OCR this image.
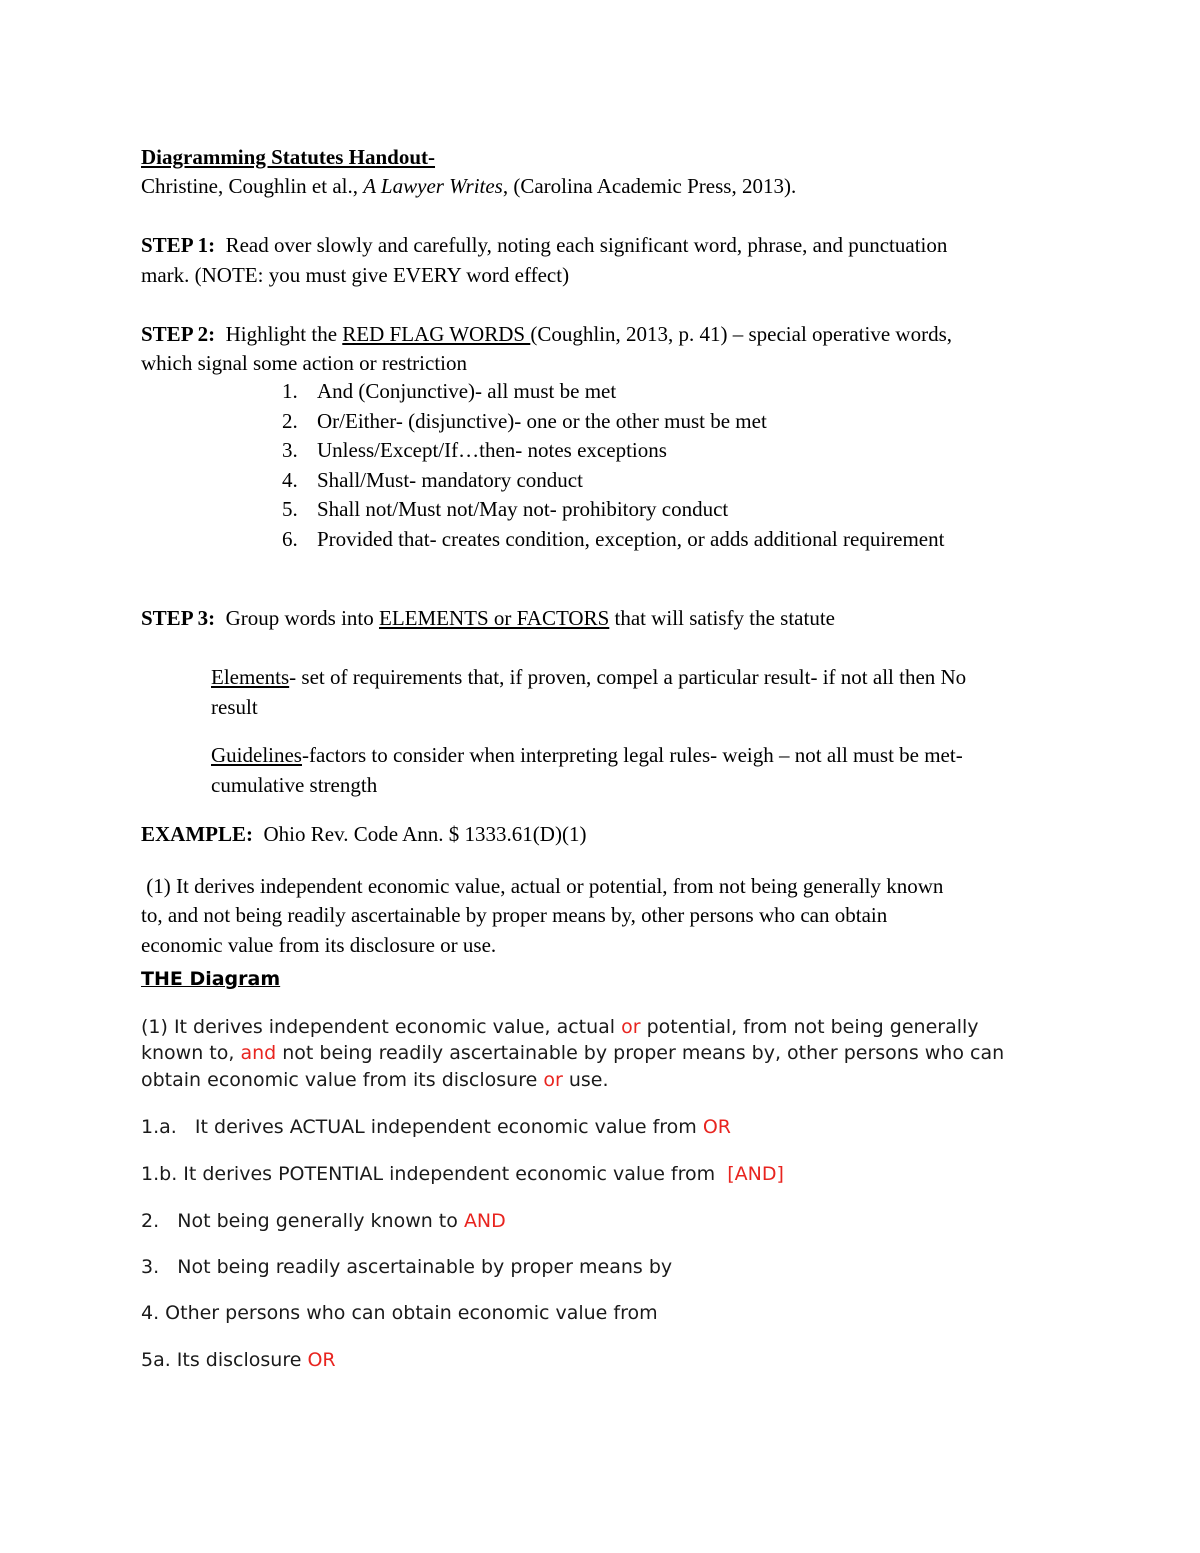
Diagramming Statutes Handout-
Christine, Coughlin et al., A Lawyer Writes, (Carolina Academic Press, 2013).
STEP 1: Read over slowly and carefully, noting each significant word, phrase, and punctuation
mark. (NOTE: you must give EVERY word effect)
STEP 2: Highlight the RED FLAG WORDS (Coughlin, 2013, p. 41) – special operative words,
which signal some action or restriction
1. And (Conjunctive)- all must be met
2. Or/Either- (disjunctive)- one or the other must be met
3. Unless/Except/If…then- notes exceptions
4. Shall/Must- mandatory conduct
5. Shall not/Must not/May not- prohibitory conduct
6. Provided that- creates condition, exception, or adds additional requirement
STEP 3: Group words into ELEMENTS or FACTORS that will satisfy the statute
Elements- set of requirements that, if proven, compel a particular result- if not all then No
result
Guidelines-factors to consider when interpreting legal rules- weigh – not all must be met-
cumulative strength
EXAMPLE: Ohio Rev. Code Ann. $ 1333.61(D)(1)
(1) It derives independent economic value, actual or potential, from not being generally known
to, and not being readily ascertainable by proper means by, other persons who can obtain
economic value from its disclosure or use.
THE Diagram
(1) It derives independent economic value, actual or potential, from not being generally
known to, and not being readily ascertainable by proper means by, other persons who can
obtain economic value from its disclosure or use.
1.a.   It derives ACTUAL independent economic value from OR
1.b. It derives POTENTIAL independent economic value from  [AND]
2.   Not being generally known to AND
3.   Not being readily ascertainable by proper means by
4. Other persons who can obtain economic value from
5a. Its disclosure OR
